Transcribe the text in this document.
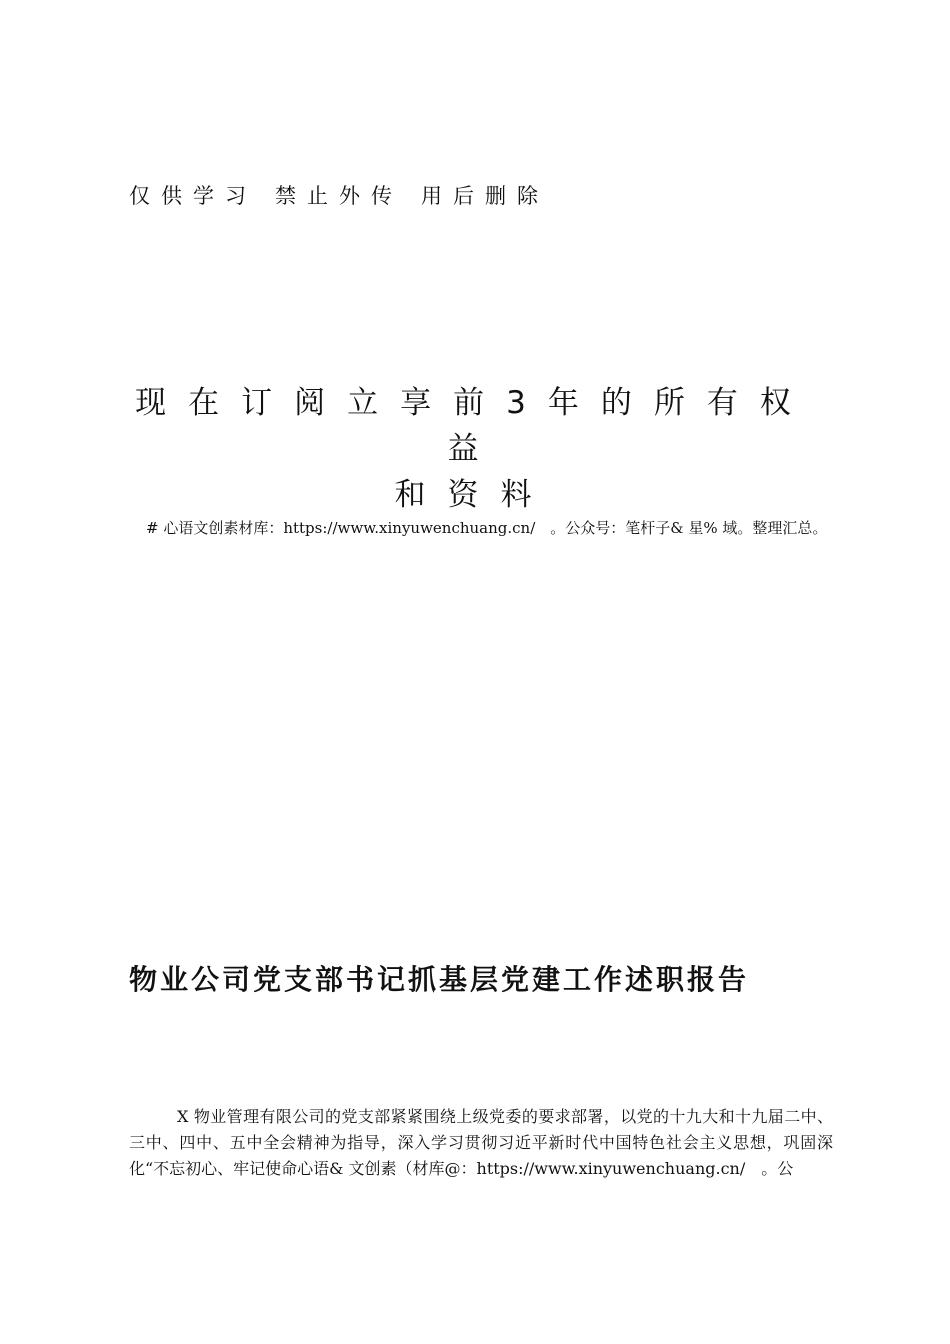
仅供学习 禁止外传 用后删除
现在订阅立享前3年的所有权益
和资料
# 心语文创素材库：https://www.xinyuwenchuang.cn/　。公众号：笔杆子& 星% 域。整理汇总。
物业公司党支部书记抓基层党建工作述职报告
X 物业管理有限公司的党支部紧紧围绕上级党委的要求部署，以党的十九大和十九届二中、三中、四中、五中全会精神为指导，深入学习贯彻习近平新时代中国特色社会主义思想，巩固深化“不忘初心、牢记使命心语& 文创素（材库@：https://www.xinyuwenchuang.cn/　。公
